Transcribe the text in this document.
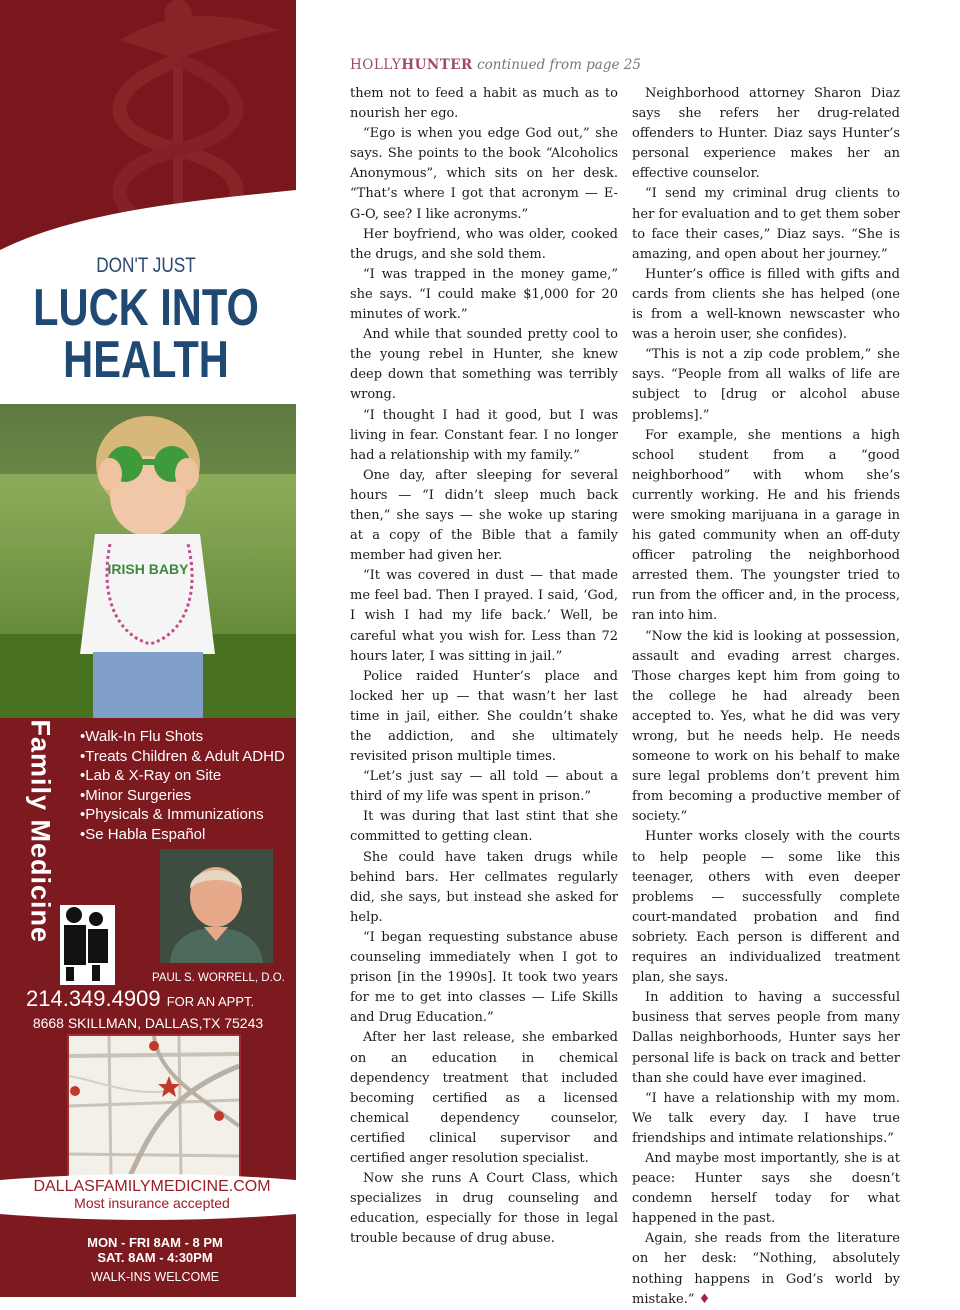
DON'T JUST
LUCK INTO
HEALTH
IRISH BABY
Family Medicine
•	Walk-In Flu Shots
• Treats Children & Adult ADHD
• Lab & X-Ray on Site
• Minor Surgeries
• Physicals & Immunizations
• Se Habla Español
PAUL S. WORRELL, D.O.
214.349.4909 FOR AN APPT.
8668 SKILLMAN, DALLAS,TX 75243
DALLASFAMILYMEDICINE.COM
Most insurance accepted
MON - FRI 8AM - 8 PM
SAT. 8AM - 4:30PM
WALK-INS WELCOME
HOLLYHUNTER continued from page 25

them not to feed a habit as much as to nourish her ego.

“Ego is when you edge God out,” she says. She points to the book “Alcoholics Anonymous”, which sits on her desk. “That’s where I got that acronym — E-G-O, see? I like acronyms.”

Her boyfriend, who was older, cooked the drugs, and she sold them.

“I was trapped in the money game,” she says. “I could make $1,000 for 20 minutes of work.”

And while that sounded pretty cool to the young rebel in Hunter, she knew deep down that something was terribly wrong.

“I thought I had it good, but I was living in fear. Constant fear. I no longer had a relationship with my family.”

One day, after sleeping for several hours — “I didn’t sleep much back then,” she says — she woke up staring at a copy of the Bible that a family member had given her.

“It was covered in dust — that made me feel bad. Then I prayed. I said, ‘God, I wish I had my life back.’ Well, be careful what you wish for. Less than 72 hours later, I was sitting in jail.”

Police raided Hunter’s place and locked her up — that wasn’t her last time in jail, either. She couldn’t shake the addiction, and she ultimately revisited prison multiple times.

“Let’s just say — all told — about a third of my life was spent in prison.”

It was during that last stint that she committed to getting clean.

She could have taken drugs while behind bars. Her cellmates regularly did, she says, but instead she asked for help.

“I began requesting substance abuse counseling immediately when I got to prison [in the 1990s]. It took two years for me to get into classes — Life Skills and Drug Education.”

After her last release, she embarked on an education in chemical dependency treatment that included becoming certified as a licensed chemical dependency counselor, certified clinical supervisor and certified anger resolution specialist.

Now she runs A Court Class, which specializes in drug counseling and education, especially for those in legal trouble because of drug abuse.

Neighborhood attorney Sharon Diaz says she refers her drug-related offenders to Hunter. Diaz says Hunter’s personal experience makes her an effective counselor.

“I send my criminal drug clients to her for evaluation and to get them sober to face their cases,” Diaz says. “She is amazing, and open about her journey.”

Hunter’s office is filled with gifts and cards from clients she has helped (one is from a well-known newscaster who was a heroin user, she confides).

“This is not a zip code problem,” she says. “People from all walks of life are subject to [drug or alcohol abuse problems].”

For example, she mentions a high school student from a “good neighborhood” with whom she’s currently working. He and his friends were smoking marijuana in a garage in his gated community when an off-duty officer patroling the neighborhood arrested them. The youngster tried to run from the officer and, in the process, ran into him.

“Now the kid is looking at possession, assault and evading arrest charges. Those charges kept him from going to the college he had already been accepted to. Yes, what he did was very wrong, but he needs help. He needs someone to work on his behalf to make sure legal problems don’t prevent him from becoming a productive member of society.”

Hunter works closely with the courts to help people — some like this teenager, others with even deeper problems — successfully complete court-mandated probation and find sobriety. Each person is different and requires an individualized treatment plan, she says.

In addition to having a successful business that serves people from many Dallas neighborhoods, Hunter says her personal life is back on track and better than she could have ever imagined.

“I have a relationship with my mom. We talk every day. I have true friendships and intimate relationships.”

And maybe most importantly, she is at peace: Hunter says she doesn’t condemn herself today for what happened in the past.

Again, she reads from the literature on her desk: “Nothing, absolutely nothing happens in God’s world by mistake.” ♦
